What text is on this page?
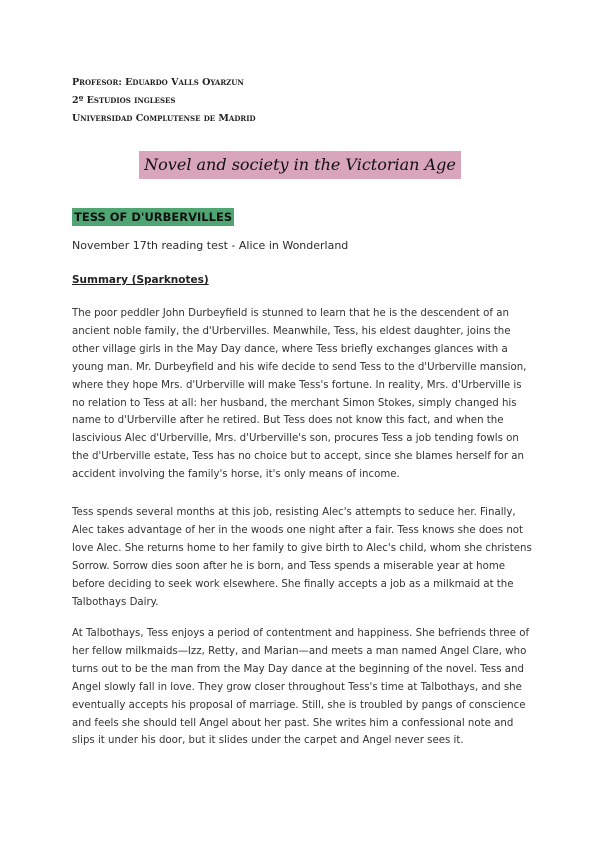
Profesor: Eduardo Valls Oyarzun
2º Estudios ingleses
Universidad Complutense de Madrid
Novel and society in the Victorian Age
TESS OF D'URBERVILLES
November 17th reading test - Alice in Wonderland
Summary (Sparknotes)

The poor peddler John Durbeyfield is stunned to learn that he is the descendent of an ancient noble family, the d'Urbervilles. Meanwhile, Tess, his eldest daughter, joins the other village girls in the May Day dance, where Tess briefly exchanges glances with a young man. Mr. Durbeyfield and his wife decide to send Tess to the d'Urberville mansion, where they hope Mrs. d'Urberville will make Tess's fortune. In reality, Mrs. d'Urberville is no relation to Tess at all: her husband, the merchant Simon Stokes, simply changed his name to d'Urberville after he retired. But Tess does not know this fact, and when the lascivious Alec d'Urberville, Mrs. d'Urberville's son, procures Tess a job tending fowls on the d'Urberville estate, Tess has no choice but to accept, since she blames herself for an accident involving the family's horse, it's only means of income.

Tess spends several months at this job, resisting Alec's attempts to seduce her. Finally, Alec takes advantage of her in the woods one night after a fair. Tess knows she does not love Alec. She returns home to her family to give birth to Alec's child, whom she christens Sorrow. Sorrow dies soon after he is born, and Tess spends a miserable year at home before deciding to seek work elsewhere. She finally accepts a job as a milkmaid at the Talbothays Dairy.

At Talbothays, Tess enjoys a period of contentment and happiness. She befriends three of her fellow milkmaids—Izz, Retty, and Marian—and meets a man named Angel Clare, who turns out to be the man from the May Day dance at the beginning of the novel. Tess and Angel slowly fall in love. They grow closer throughout Tess's time at Talbothays, and she eventually accepts his proposal of marriage. Still, she is troubled by pangs of conscience and feels she should tell Angel about her past. She writes him a confessional note and slips it under his door, but it slides under the carpet and Angel never sees it.
